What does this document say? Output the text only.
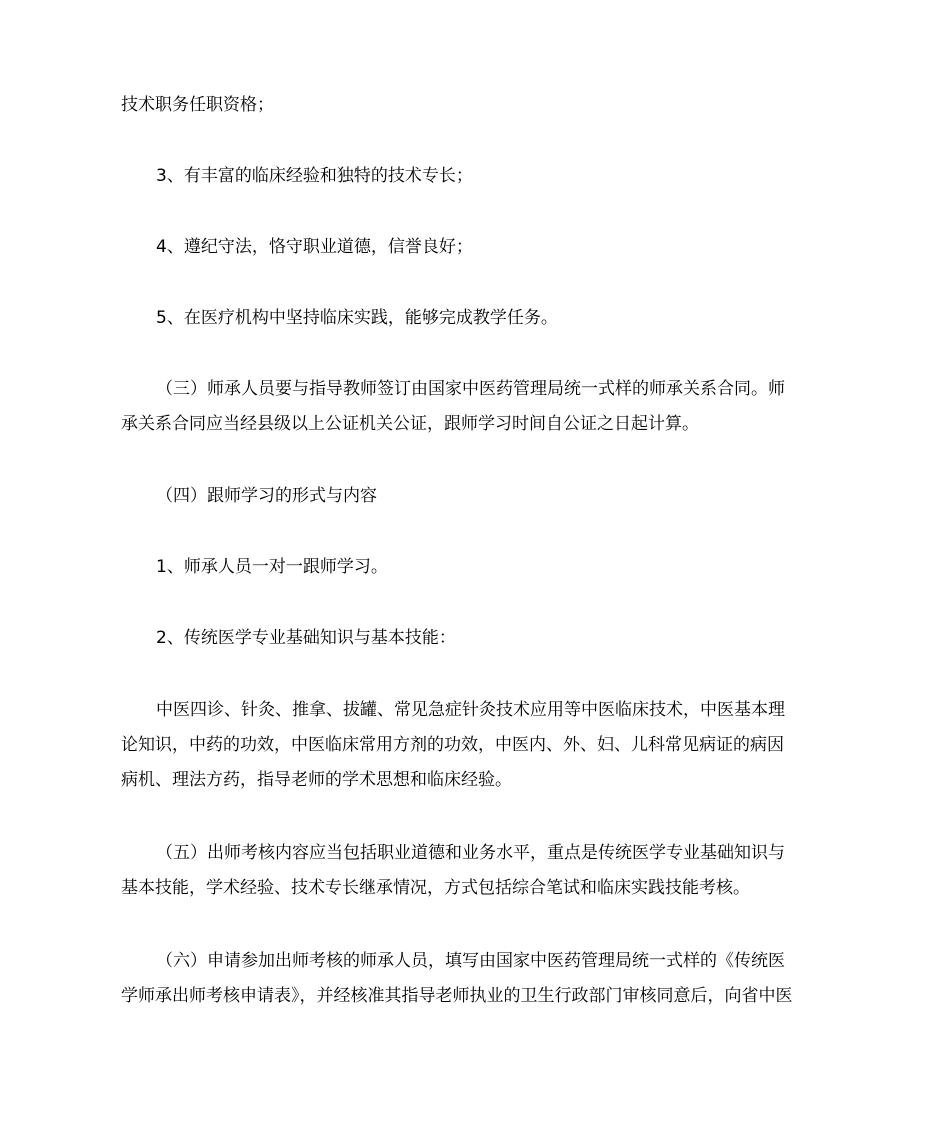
技术职务任职资格；

3、有丰富的临床经验和独特的技术专长；

4、遵纪守法，恪守职业道德，信誉良好；

5、在医疗机构中坚持临床实践，能够完成教学任务。

（三）师承人员要与指导教师签订由国家中医药管理局统一式样的师承关系合同。师
承关系合同应当经县级以上公证机关公证，跟师学习时间自公证之日起计算。

（四）跟师学习的形式与内容

1、师承人员一对一跟师学习。

2、传统医学专业基础知识与基本技能：

中医四诊、针灸、推拿、拔罐、常见急症针灸技术应用等中医临床技术，中医基本理
论知识，中药的功效，中医临床常用方剂的功效，中医内、外、妇、儿科常见病证的病因
病机、理法方药，指导老师的学术思想和临床经验。

（五）出师考核内容应当包括职业道德和业务水平，重点是传统医学专业基础知识与
基本技能，学术经验、技术专长继承情况，方式包括综合笔试和临床实践技能考核。

（六）申请参加出师考核的师承人员，填写由国家中医药管理局统一式样的《传统医
学师承出师考核申请表》，并经核准其指导老师执业的卫生行政部门审核同意后，向省中医
